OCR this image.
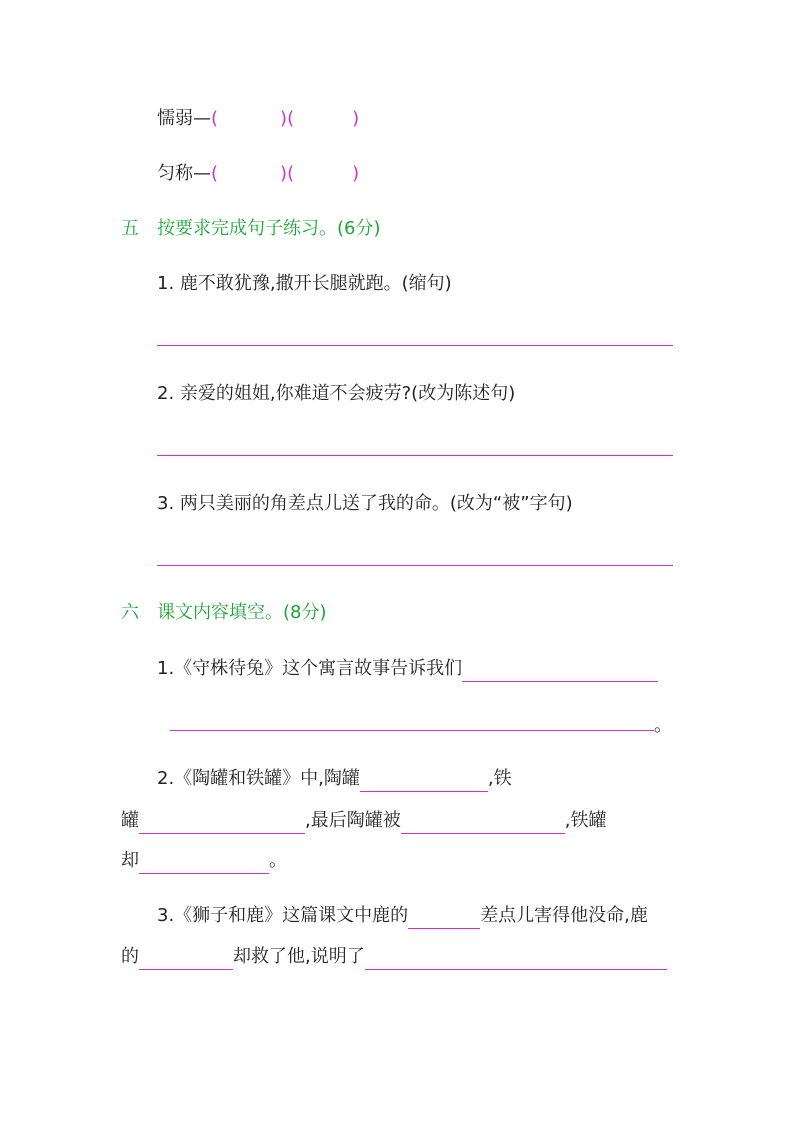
懦弱—(	)(	)
匀称—(	)(	)
五 按要求完成句子练习。(6分)
1. 鹿不敢犹豫,撒开长腿就跑。(缩句)
2. 亲爱的姐姐,你难道不会疲劳?(改为陈述句)
3. 两只美丽的角差点儿送了我的命。(改为“被”字句)
六 课文内容填空。(8分)
1.《守株待兔》这个寓言故事告诉我们
。
2.《陶罐和铁罐》中,陶罐	,铁
罐	,最后陶罐被	,铁罐
却	。
3.《狮子和鹿》这篇课文中鹿的	差点儿害得他没命,鹿
的	却救了他,说明了
